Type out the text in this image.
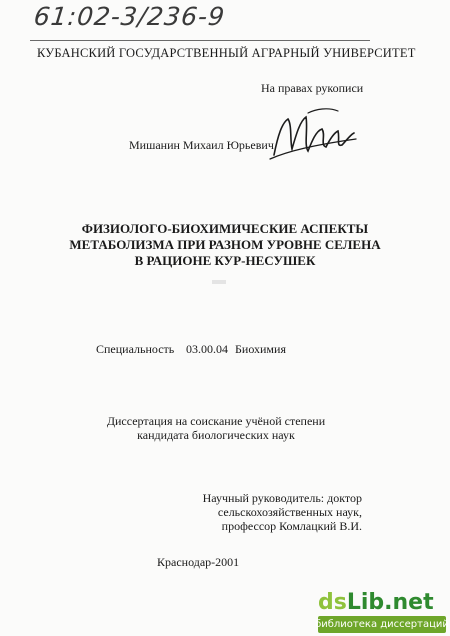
61:02-3/236-9
КУБАНСКИЙ ГОСУДАРСТВЕННЫЙ АГРАРНЫЙ УНИВЕРСИТЕТ
На правах рукописи
Мишанин Михаил Юрьевич
ФИЗИОЛОГО-БИОХИМИЧЕСКИЕ АСПЕКТЫ
МЕТАБОЛИЗМА ПРИ РАЗНОМ УРОВНЕ СЕЛЕНА
В РАЦИОНЕ КУР-НЕСУШЕК
Специальность 03.00.04 Биохимия
Диссертация на соискание учёной степени
кандидата биологических наук
Научный руководитель: доктор
сельскохозяйственных наук,
профессор Комлацкий В.И.
Краснодар-2001
ds Lib .net
библиотека диссертаций
